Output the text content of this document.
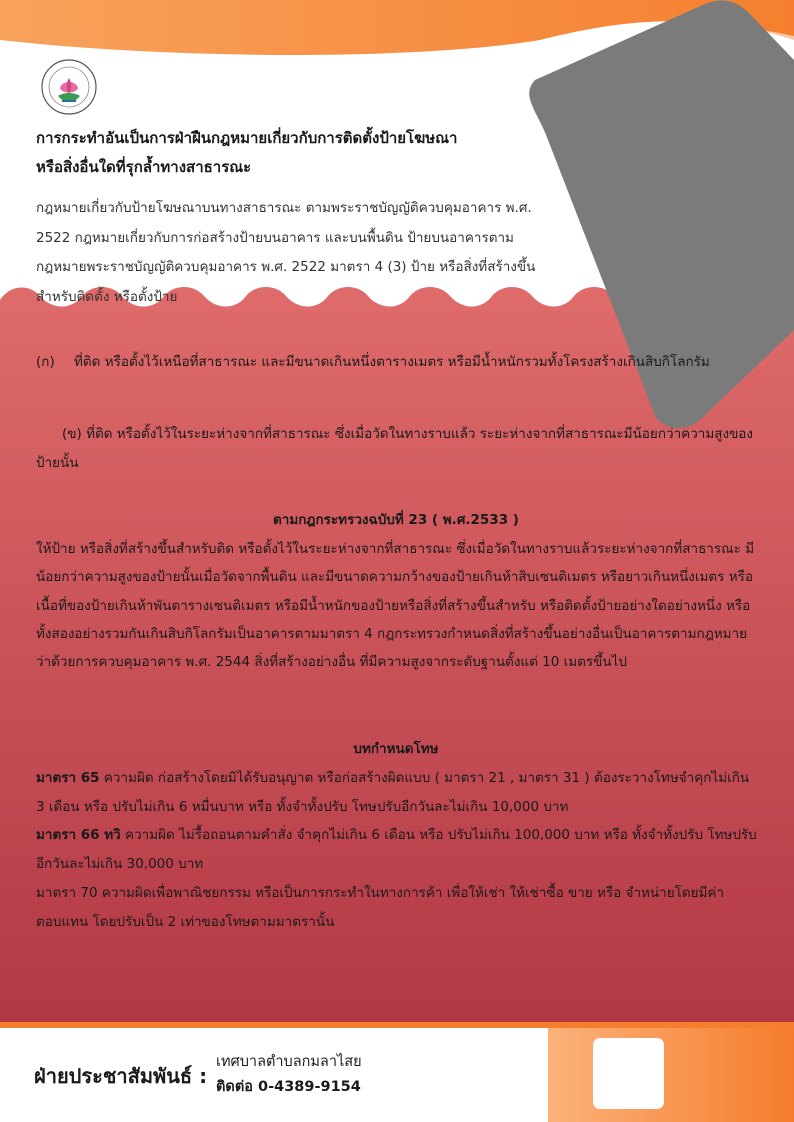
การกระทำอันเป็นการฝ่าฝืนกฎหมายเกี่ยวกับการติดตั้งป้ายโฆษณา
หรือสิ่งอื่นใดที่รุกล้ำทางสาธารณะ

กฎหมายเกี่ยวกับป้ายโฆษณาบนทางสาธารณะ ตามพระราชบัญญัติควบคุมอาคาร พ.ศ. 2522 กฎหมายเกี่ยวกับการก่อสร้างป้ายบนอาคาร และบนพื้นดิน ป้ายบนอาคารตามกฎหมายพระราชบัญญัติควบคุมอาคาร พ.ศ. 2522 มาตรา 4 (3) ป้าย หรือสิ่งที่สร้างขึ้นสำหรับติดตั้ง หรือตั้งป้าย

(ก)	ที่ติด หรือตั้งไว้เหนือที่สาธารณะ และมีขนาดเกินหนึ่งตารางเมตร หรือมีน้ำหนักรวมทั้งโครงสร้างเกินสิบกิโลกรัม
(ข) ที่ติด หรือตั้งไว้ในระยะห่างจากที่สาธารณะ ซึ่งเมื่อวัดในทางราบแล้ว ระยะห่างจากที่สาธารณะมีน้อยกว่าความสูงของป้ายนั้น

ตามกฎกระทรวงฉบับที่ 23 ( พ.ศ.2533 )

ให้ป้าย หรือสิ่งที่สร้างขึ้นสำหรับติด หรือตั้งไว้ในระยะห่างจากที่สาธารณะ ซึ่งเมื่อวัดในทางราบแล้วระยะห่างจากที่สาธารณะ มีน้อยกว่าความสูงของป้ายนั้นเมื่อวัดจากพื้นดิน และมีขนาดความกว้างของป้ายเกินห้าสิบเซนติเมตร หรือยาวเกินหนึ่งเมตร หรือเนื้อที่ของป้ายเกินห้าพันตารางเซนติเมตร หรือมีน้ำหนักของป้ายหรือสิ่งที่สร้างขึ้นสำหรับ หรือติดตั้งป้ายอย่างใดอย่างหนึ่ง หรือทั้งสองอย่างรวมกันเกินสิบกิโลกรัมเป็นอาคารตามมาตรา 4 กฎกระทรวงกำหนดสิ่งที่สร้างขึ้นอย่างอื่นเป็นอาคารตามกฎหมาย ว่าด้วยการควบคุมอาคาร พ.ศ. 2544 สิ่งที่สร้างอย่างอื่น ที่มีความสูงจากระดับฐานตั้งแต่ 10 เมตรขึ้นไป

บทกำหนดโทษ

มาตรา 65 ความผิด ก่อสร้างโดยมิได้รับอนุญาต หรือก่อสร้างผิดแบบ ( มาตรา 21 , มาตรา 31 ) ต้องระวางโทษจำคุกไม่เกิน 3 เดือน หรือ ปรับไม่เกิน 6 หมื่นบาท หรือ ทั้งจำทั้งปรับ โทษปรับอีกวันละไม่เกิน 10,000 บาท

มาตรา 66 ทวิ ความผิด ไม่รื้อถอนตามคำสั่ง จำคุกไม่เกิน 6 เดือน หรือ ปรับไม่เกิน 100,000 บาท หรือ ทั้งจำทั้งปรับ โทษปรับอีกวันละไม่เกิน 30,000 บาท

มาตรา 70 ความผิดเพื่อพาณิชยกรรม หรือเป็นการกระทำในทางการค้า เพื่อให้เช่า ให้เช่าซื้อ ขาย หรือ จำหน่ายโดยมีค่าตอบแทน โดยปรับเป็น 2 เท่าของโทษตามมาตรานั้น

ฝ่ายประชาสัมพันธ์ :

เทศบาลตำบลกมลาไสย

ติดต่อ 0-4389-9154
